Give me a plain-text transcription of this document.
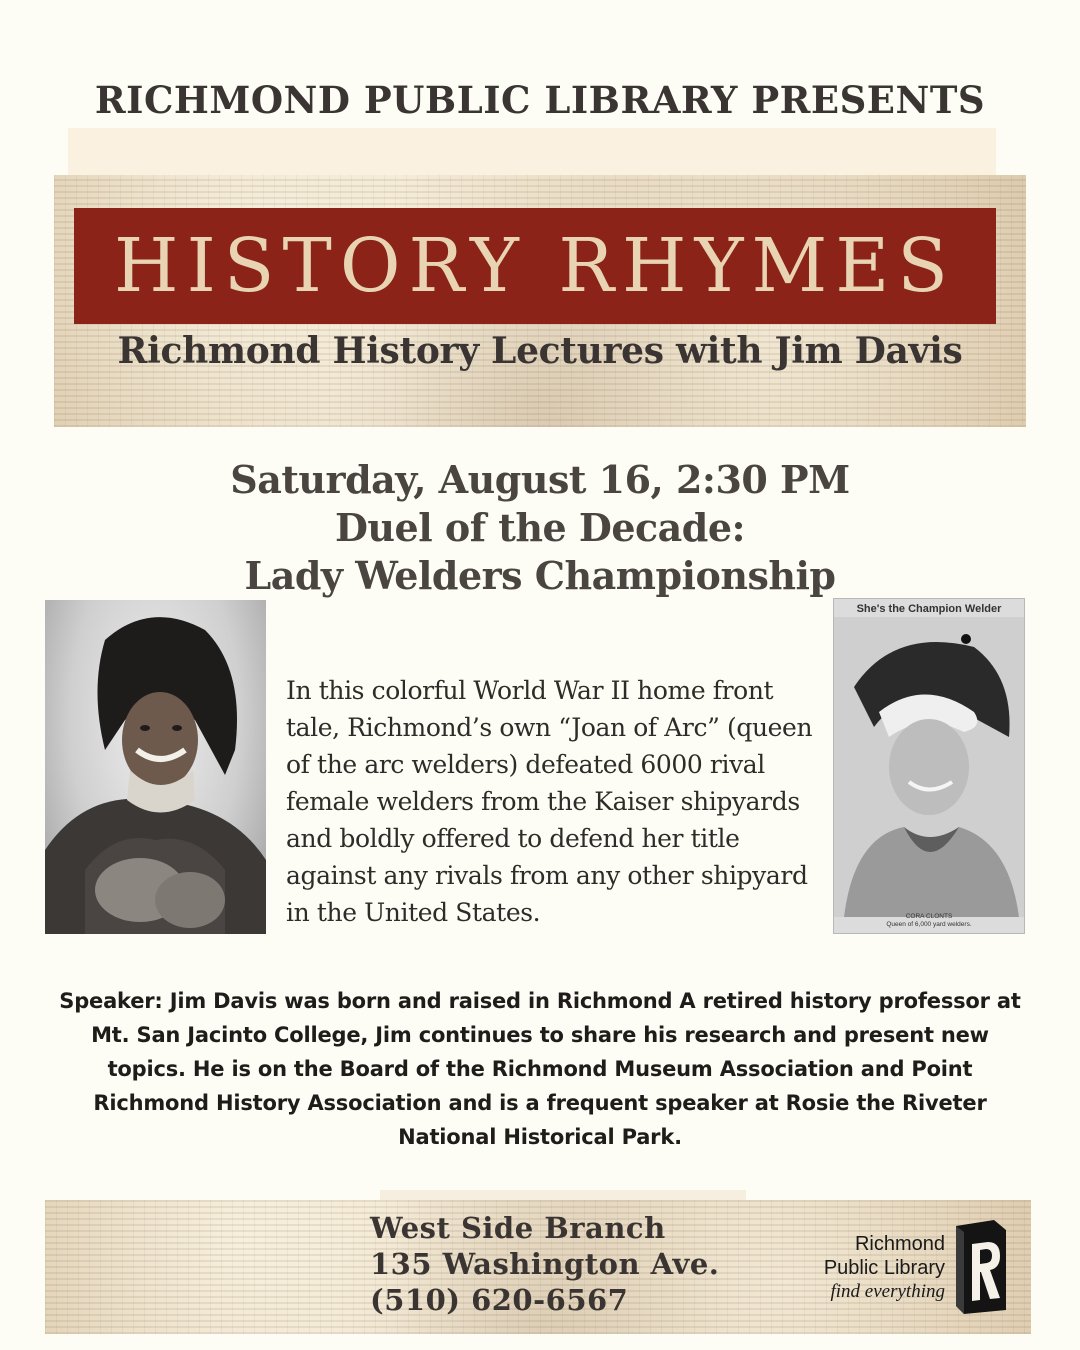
RICHMOND PUBLIC LIBRARY PRESENTS
HISTORY RHYMES
Richmond History Lectures with Jim Davis
Saturday, August 16, 2:30 PM
Duel of the Decade:
Lady Welders Championship
In this colorful World War II home front tale, Richmond’s own “Joan of Arc” (queen of the arc welders) defeated 6000 rival female welders from the Kaiser shipyards and boldly offered to defend her title against any rivals from any other shipyard in the United States.
She's the Champion Welder
CORA CLONTS
Queen of 6,000 yard welders.
Speaker: Jim Davis was born and raised in Richmond A retired history professor at Mt. San Jacinto College, Jim continues to share his research and present new topics. He is on the Board of the Richmond Museum Association and Point Richmond History Association and is a frequent speaker at Rosie the Riveter National Historical Park.
West Side Branch
135 Washington Ave.
(510) 620-6567
Richmond
Public Library
find everything
